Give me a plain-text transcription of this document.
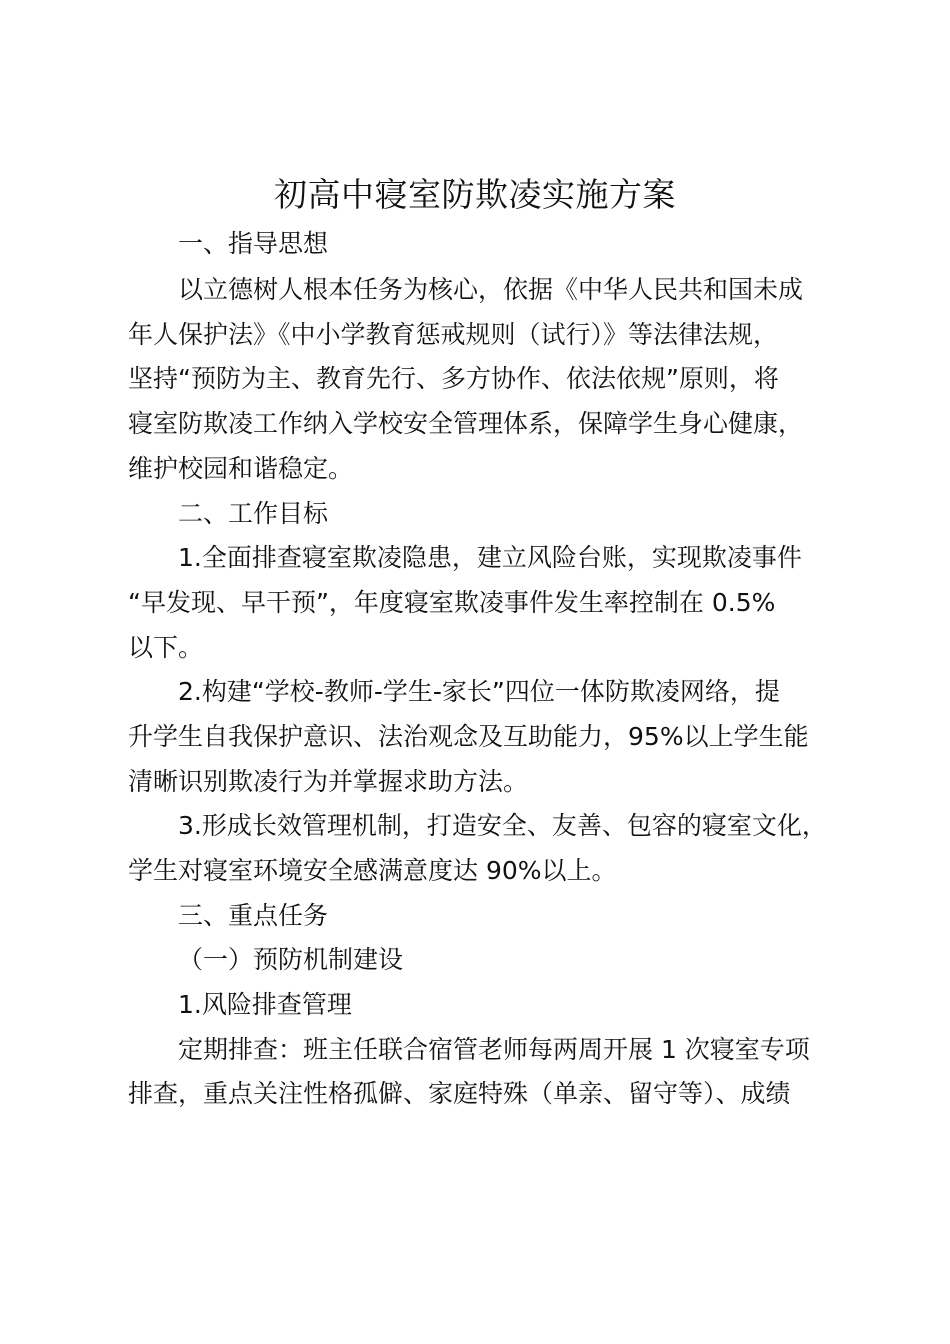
初高中寝室防欺凌实施方案
一、指导思想
以立德树人根本任务为核心，依据《中华人民共和国未成
年人保护法》《中小学教育惩戒规则（试行）》等法律法规，
坚持“预防为主、教育先行、多方协作、依法依规”原则，将
寝室防欺凌工作纳入学校安全管理体系，保障学生身心健康，
维护校园和谐稳定。
二、工作目标
1.全面排查寝室欺凌隐患，建立风险台账，实现欺凌事件
“早发现、早干预”，年度寝室欺凌事件发生率控制在 0.5%
以下。
2.构建“学校-教师-学生-家长”四位一体防欺凌网络，提
升学生自我保护意识、法治观念及互助能力，95%以上学生能
清晰识别欺凌行为并掌握求助方法。
3.形成长效管理机制，打造安全、友善、包容的寝室文化，
学生对寝室环境安全感满意度达 90%以上。
三、重点任务
（一）预防机制建设
1.风险排查管理
定期排查：班主任联合宿管老师每两周开展 1 次寝室专项
排查，重点关注性格孤僻、家庭特殊（单亲、留守等）、成绩
